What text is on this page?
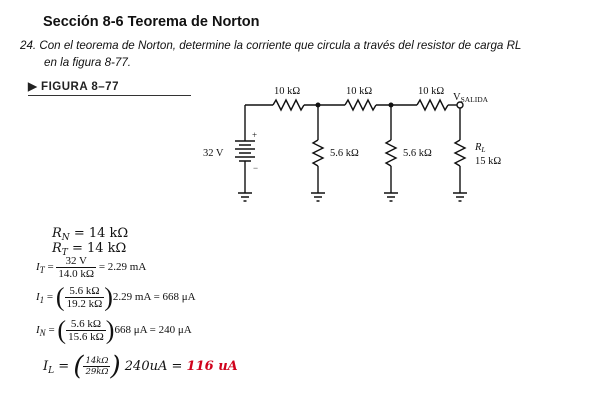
Sección 8-6 Teorema de Norton
24. Con el teorema de Norton, determine la corriente que circula a través del resistor de carga RL
en la figura 8-77.
▶ FIGURA 8–77	10 kΩ	10 kΩ	10 kΩ
32 V
+
−
5.6 kΩ	5.6 kΩ
VSALIDA
RL
15 kΩ
$R_N = 14$ kΩ
$R_T = 14$ kΩ
$I_T = \frac{32 V}{14.0 k\Omega} = 2.29$ mA
$I_1$ = ( $\frac{5.6 k\Omega}{19.2 k\Omega} )2.29$ mA = 668 μA
$I_N$ = ( $\frac{5.6 k\Omega}{15.6 k\Omega} )668$ μA = 240 μA
$I_L$ = ( $\frac{14k\Omega}{29k\Omega}$ ) 240uA = 116 uA
